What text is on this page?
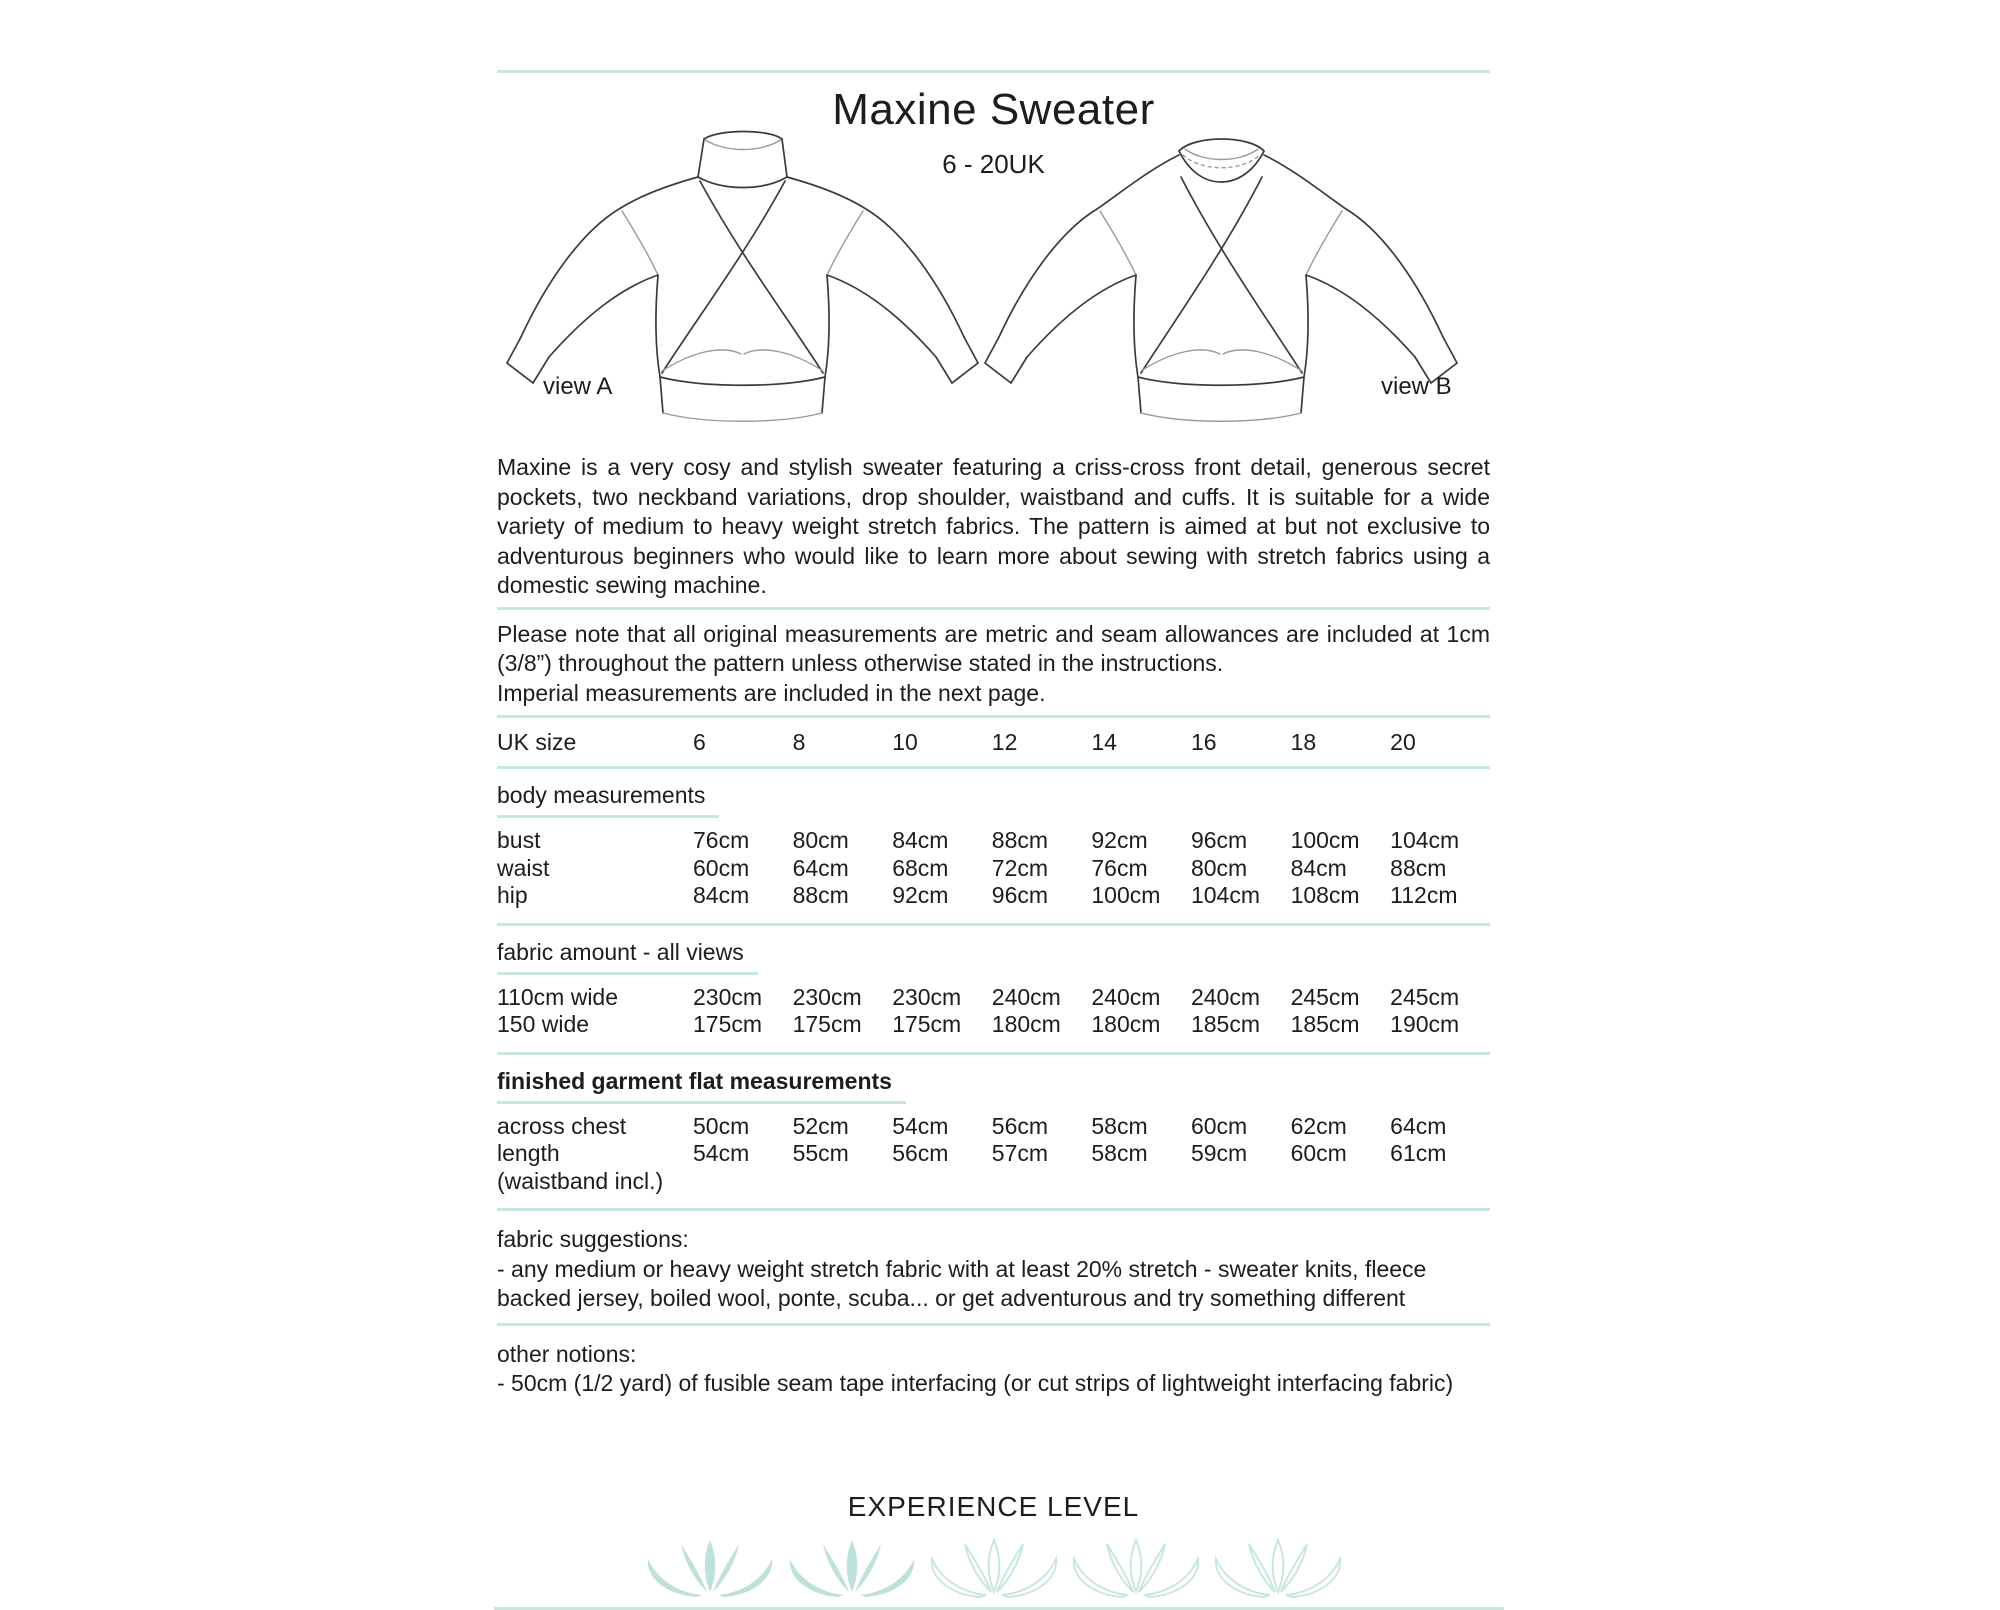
Maxine Sweater
6 - 20UK
view A	view B

Maxine is a very cosy and stylish sweater featuring a criss-cross front detail, generous secret pockets, two neckband variations, drop shoulder, waistband and cuffs. It is suitable for a wide variety of medium to heavy weight stretch fabrics. The pattern is aimed at but not exclusive to adventurous beginners who would like to learn more about sewing with stretch fabrics using a domestic sewing machine.

Please note that all original measurements are metric and seam allowances are included at 1cm (3/8”) throughout the pattern unless otherwise stated in the instructions.
Imperial measurements are included in the next page.
UK size	6	8	10	12	14	16	18	20
body measurements
bust	76cm	80cm	84cm	88cm	92cm	96cm	100cm	104cm
waist	60cm	64cm	68cm	72cm	76cm	80cm	84cm	88cm
hip	84cm	88cm	92cm	96cm	100cm	104cm	108cm	112cm
fabric amount - all views
110cm wide	230cm	230cm	230cm	240cm	240cm	240cm	245cm	245cm
150 wide	175cm	175cm	175cm	180cm	180cm	185cm	185cm	190cm
finished garment flat measurements
across chest	50cm	52cm	54cm	56cm	58cm	60cm	62cm	64cm
length	54cm	55cm	56cm	57cm	58cm	59cm	60cm	61cm
(waistband incl.)
fabric suggestions:
- any medium or heavy weight stretch fabric with at least 20% stretch - sweater knits, fleece backed jersey, boiled wool, ponte, scuba... or get adventurous and try something different
other notions:
- 50cm (1/2 yard) of fusible seam tape interfacing (or cut strips of lightweight interfacing fabric)
EXPERIENCE LEVEL
